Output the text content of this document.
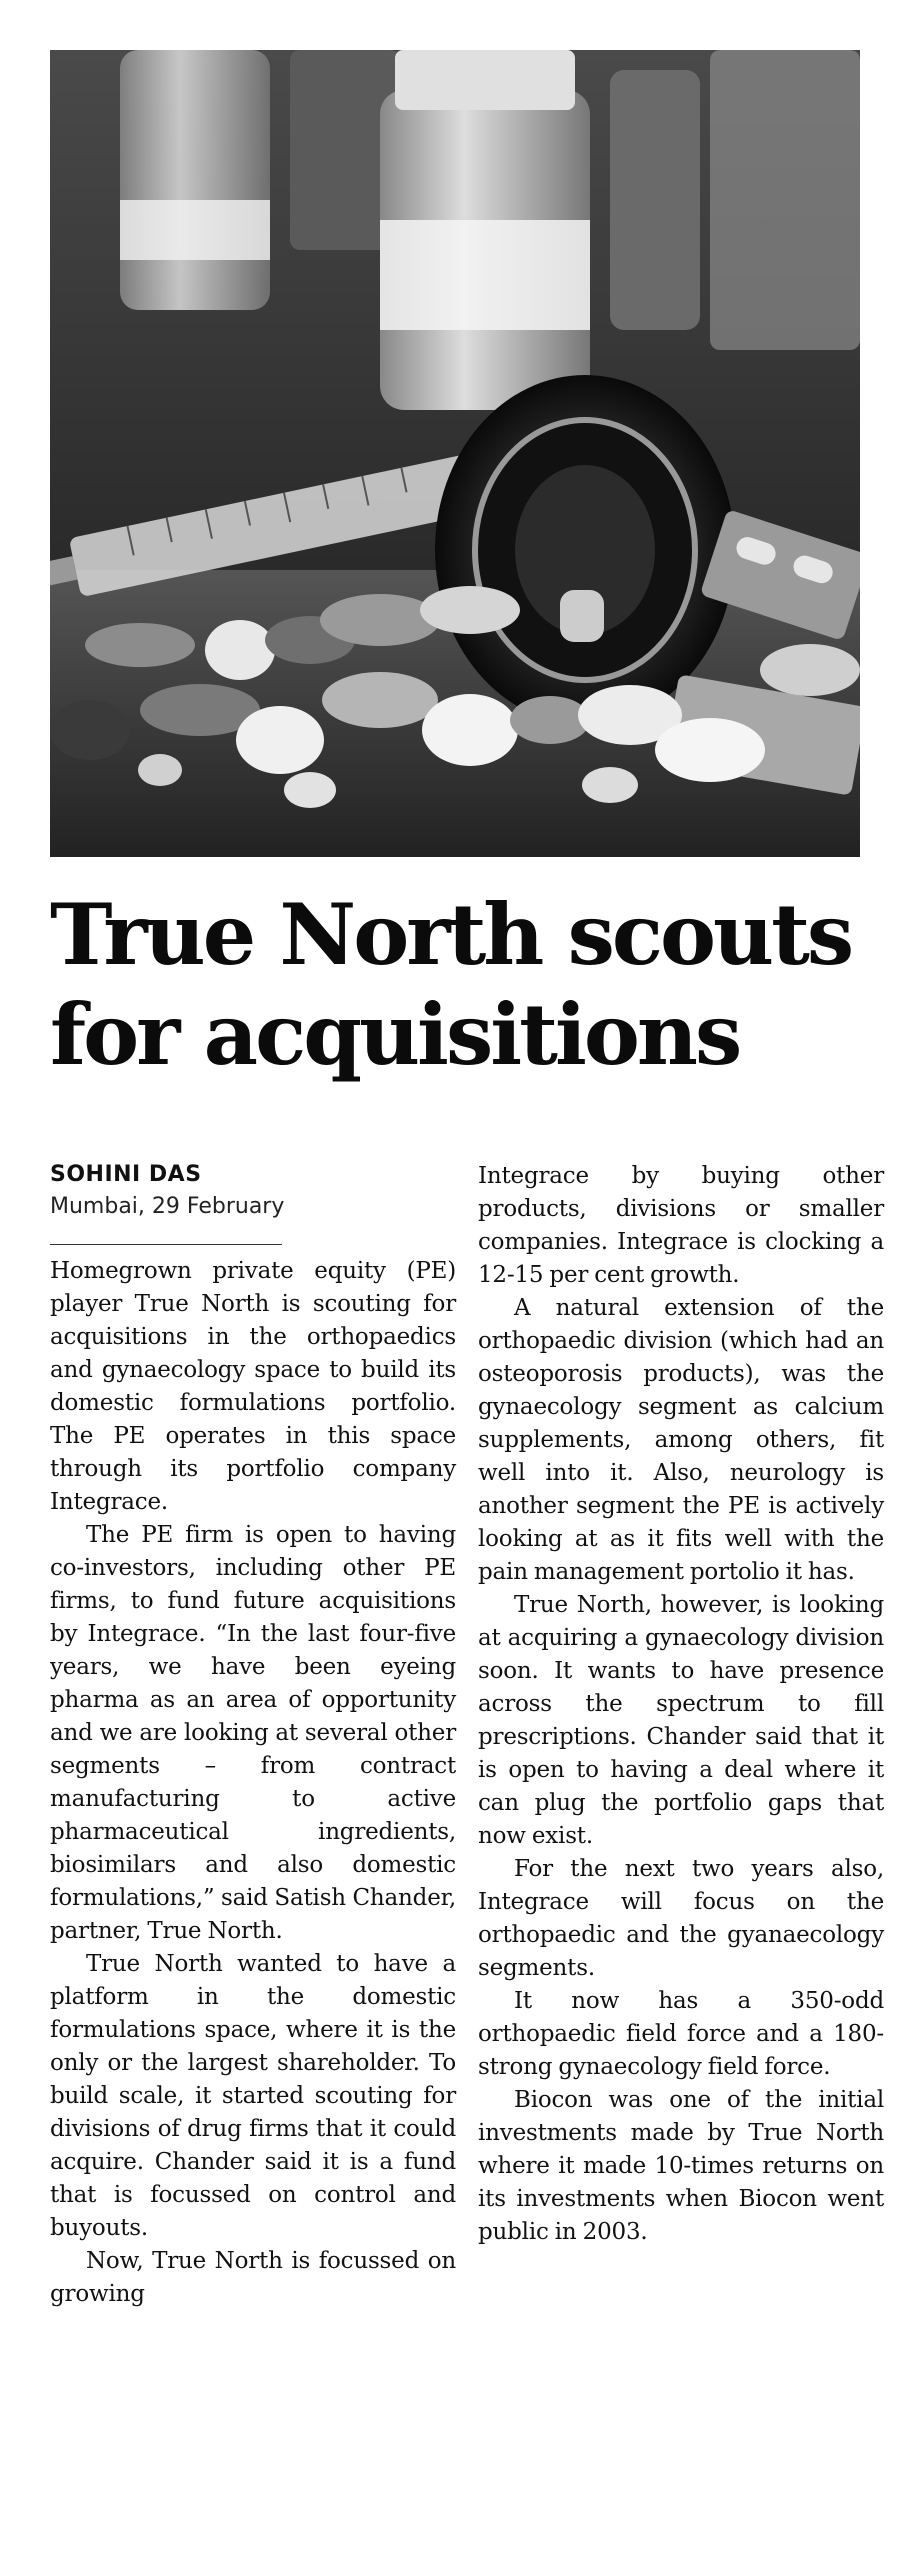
True North scouts
for acquisitions

SOHINI DAS

Mumbai, 29 February

Homegrown private equity (PE) player True North is scouting for acquisitions in the orthopaedics and gynaecology space to build its domestic formulations portfolio. The PE operates in this space through its portfolio company Integrace.

The PE firm is open to having co-investors, including other PE firms, to fund future acquisitions by Integrace. “In the last four-five years, we have been eyeing pharma as an area of opportunity and we are looking at several other segments – from contract manufacturing to active pharmaceutical ingredients, biosimilars and also domestic formulations,” said Satish Chander, partner, True North.

True North wanted to have a platform in the domestic formulations space, where it is the only or the largest shareholder. To build scale, it started scouting for divisions of drug firms that it could acquire. Chander said it is a fund that is focussed on control and buyouts.

Now, True North is focussed on growing

Integrace by buying other products, divisions or smaller companies. Integrace is clocking a 12-15 per cent growth.

A natural extension of the orthopaedic division (which had an osteoporosis products), was the gynaecology segment as calcium supplements, among others, fit well into it. Also, neurology is another segment the PE is actively looking at as it fits well with the pain management portolio it has.

True North, however, is looking at acquiring a gynaecology division soon. It wants to have presence across the spectrum to fill prescriptions. Chander said that it is open to having a deal where it can plug the portfolio gaps that now exist.

For the next two years also, Integrace will focus on the orthopaedic and the gyanaecology segments.

It now has a 350-odd orthopaedic field force and a 180-strong gynaecology field force.

Biocon was one of the initial investments made by True North where it made 10-times returns on its investments when Biocon went public in 2003.
